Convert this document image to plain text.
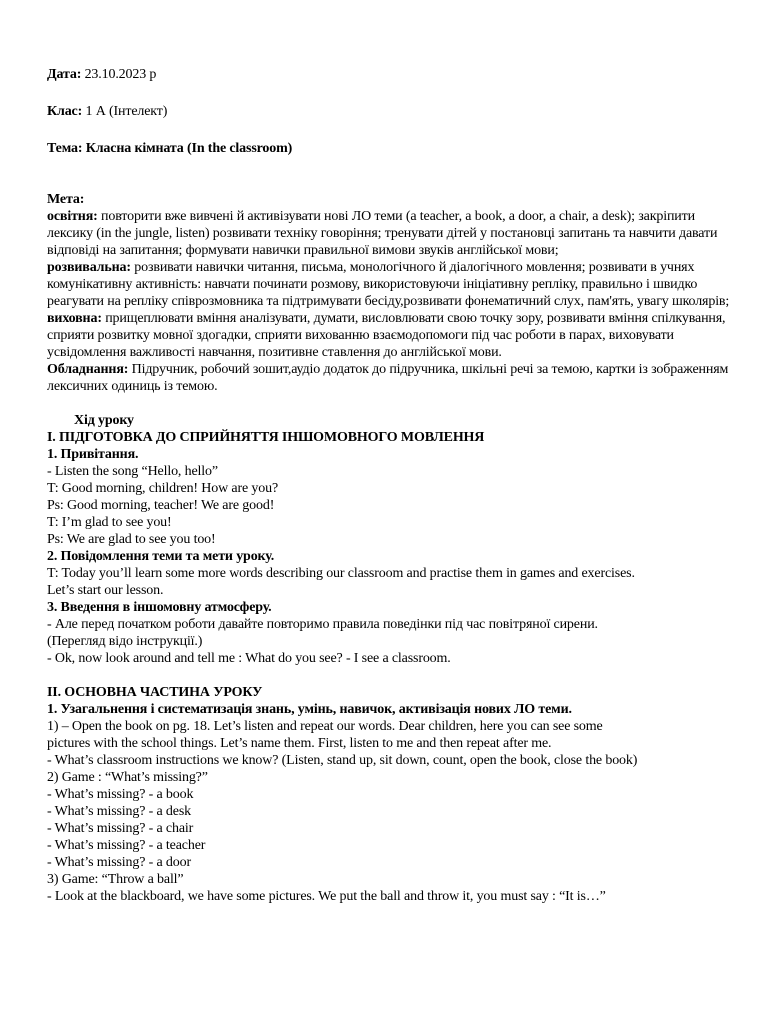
Дата: 23.10.2023 р
Клас: 1 А (Інтелект)
Тема: Класна кімната (In the classroom)
Мета:
освітня: повторити вже вивчені й активізувати нові ЛО теми (a teacher, a book, a door, a chair, a desk); закріпити лексику (in the jungle, listen) розвивати техніку говоріння; тренувати дітей у постановці запитань та навчити давати відповіді на запитання; формувати навички правильної вимови звуків англійської мови;
розвивальна: розвивати навички читання, письма, монологічного й діалогічного мовлення; розвивати в учнях комунікативну активність: навчати починати розмову, використовуючи ініціативну репліку, правильно і швидко реагувати на репліку співрозмовника та підтримувати бесіду,розвивати фонематичний слух, пам'ять, увагу школярів;
виховна: прищеплювати вміння аналізувати, думати, висловлювати свою точку зору, розвивати вміння спілкування, сприяти розвитку мовної здогадки, сприяти вихованню взаємодопомоги під час роботи в парах, виховувати усвідомлення важливості навчання, позитивне ставлення до англійської мови.
Обладнання: Підручник, робочий зошит,аудіо додаток до підручника, шкільні речі за темою, картки із зображенням лексичних одиниць із темою.
Хід уроку
І. ПІДГОТОВКА ДО СПРИЙНЯТТЯ ІНШОМОВНОГО МОВЛЕННЯ
1. Привітання.
- Listen the song “Hello, hello”
T: Good morning, children! How are you?
Ps: Good morning, teacher! We are good!
T: I’m glad to see you!
Ps: We are glad to see you too!
2. Повідомлення теми та мети уроку.
T: Today you’ll learn some more words describing our classroom and practise them in games and exercises.
Let’s start our lesson.
3. Введення в іншомовну атмосферу.
- Але перед початком роботи давайте повторимо правила поведінки під час повітряної сирени.
(Перегляд відо інструкції.)
- Ok, now look around and tell me : What do you see? - I see a classroom.
ІІ. ОСНОВНА ЧАСТИНА УРОКУ
1. Узагальнення і систематизація знань, умінь, навичок, активізація нових ЛО теми.
1) – Open the book on pg. 18. Let’s listen and repeat our words. Dear children, here you can see some
pictures with the school things. Let’s name them. First, listen to me and then repeat after me.
- What’s classroom instructions we know? (Listen, stand up, sit down, count, open the book, close the book)
2) Game : “What’s missing?”
- What’s missing? - a book
- What’s missing? - a desk
- What’s missing? - a chair
- What’s missing? - a teacher
- What’s missing? - a door
3) Game: “Throw a ball”
- Look at the blackboard, we have some pictures. We put the ball and throw it, you must say : “It is…”
